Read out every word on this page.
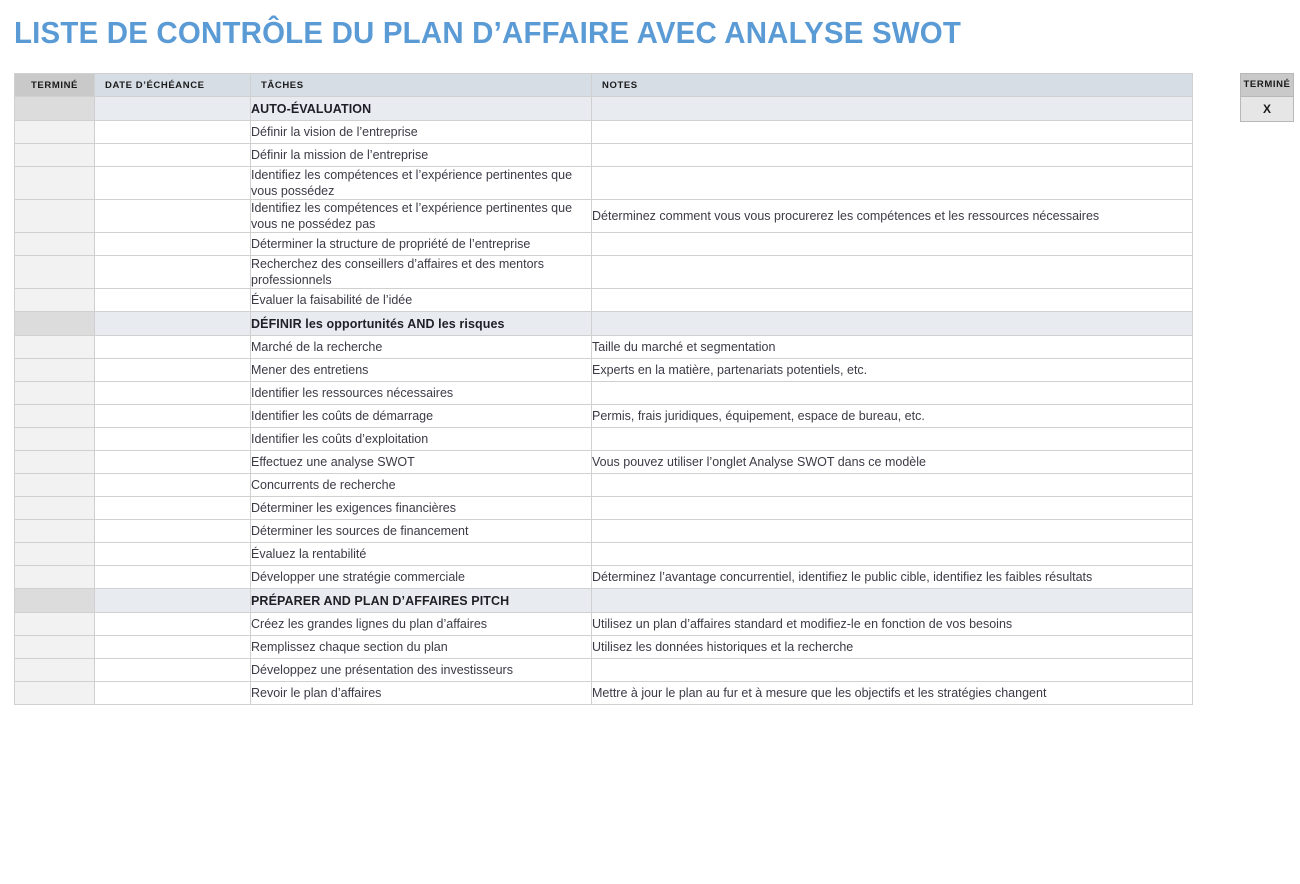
LISTE DE CONTRÔLE DU PLAN D’AFFAIRE AVEC ANALYSE SWOT
TERMINÉ	DATE D’ÉCHÉANCE	TÂCHES	NOTES

		AUTO-ÉVALUATION	
		Définir la vision de l’entreprise	
		Définir la mission de l’entreprise	
		Identifiez les compétences et l’expérience pertinentes que vous possédez	
		Identifiez les compétences et l’expérience pertinentes que vous ne possédez pas	Déterminez comment vous vous procurerez les compétences et les ressources nécessaires
		Déterminer la structure de propriété de l’entreprise	
		Recherchez des conseillers d’affaires et des mentors professionnels	
		Évaluer la faisabilité de l’idée	
		DÉFINIR les opportunités AND les risques	
		Marché de la recherche	Taille du marché et segmentation
		Mener des entretiens	Experts en la matière, partenariats potentiels, etc.
		Identifier les ressources nécessaires	
		Identifier les coûts de démarrage	Permis, frais juridiques, équipement, espace de bureau, etc.
		Identifier les coûts d’exploitation	
		Effectuez une analyse SWOT	Vous pouvez utiliser l’onglet Analyse SWOT dans ce modèle
		Concurrents de recherche	
		Déterminer les exigences financières	
		Déterminer les sources de financement	
		Évaluez la rentabilité	
		Développer une stratégie commerciale	Déterminez l’avantage concurrentiel, identifiez le public cible, identifiez les faibles résultats
		PRÉPARER AND PLAN D’AFFAIRES PITCH	
		Créez les grandes lignes du plan d’affaires	Utilisez un plan d’affaires standard et modifiez-le en fonction de vos besoins
		Remplissez chaque section du plan	Utilisez les données historiques et la recherche
		Développez une présentation des investisseurs	
		Revoir le plan d’affaires	Mettre à jour le plan au fur et à mesure que les objectifs et les stratégies changent
TERMINÉ
X
